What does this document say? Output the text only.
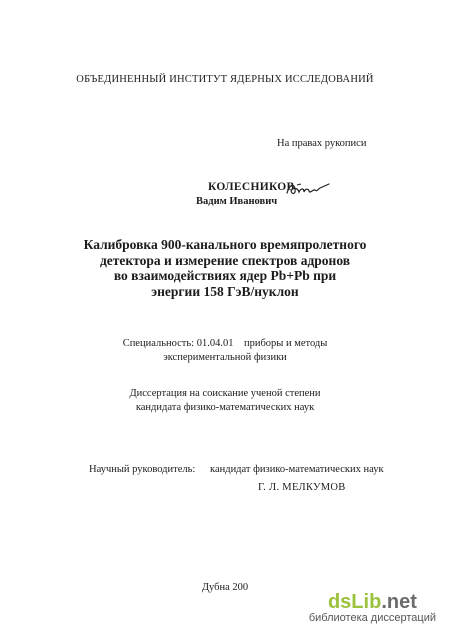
ОБЪЕДИНЕННЫЙ ИНСТИТУТ ЯДЕРНЫХ ИССЛЕДОВАНИЙ
На правах рукописи
КОЛЕСНИКОВ
Вадим Иванович
Калибровка 900-канального времяпролетного
детектора и измерение спектров адронов
во взаимодействиях ядер Pb+Pb при
энергии 158 ГэВ/нуклон
Специальность: 01.04.01    приборы и методы
экспериментальной физики
Диссертация на соискание ученой степени
кандидата физико-математических наук
Научный руководитель: кандидат физико-математических наук
Г. Л. МЕЛКУМОВ
Дубна 200
dsLib.net
библиотека диссертаций
